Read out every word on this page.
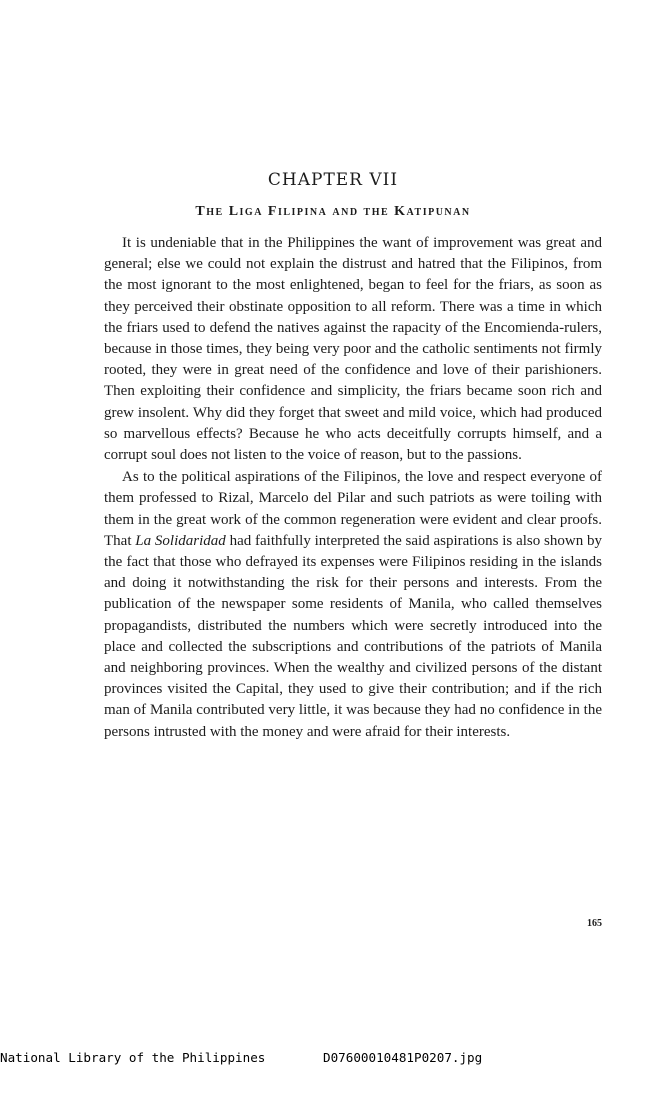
CHAPTER VII
The Liga Filipina and the Katipunan

It is undeniable that in the Philippines the want of improvement was great and general; else we could not explain the distrust and hatred that the Filipinos, from the most ignorant to the most enlightened, began to feel for the friars, as soon as they perceived their obstinate opposition to all reform. There was a time in which the friars used to defend the natives against the rapacity of the Encomienda-rulers, because in those times, they being very poor and the catholic sentiments not firmly rooted, they were in great need of the confidence and love of their parishioners. Then exploiting their confidence and simplicity, the friars became soon rich and grew insolent. Why did they forget that sweet and mild voice, which had produced so marvellous effects? Because he who acts deceitfully corrupts himself, and a corrupt soul does not listen to the voice of reason, but to the passions.

As to the political aspirations of the Filipinos, the love and respect everyone of them professed to Rizal, Marcelo del Pilar and such patriots as were toiling with them in the great work of the common regeneration were evident and clear proofs. That La Solidaridad had faithfully interpreted the said aspirations is also shown by the fact that those who defrayed its expenses were Filipinos residing in the islands and doing it notwithstanding the risk for their persons and interests. From the publication of the newspaper some residents of Manila, who called themselves propagandists, distributed the numbers which were secretly introduced into the place and collected the subscriptions and contributions of the patriots of Manila and neighboring provinces. When the wealthy and civilized persons of the distant provinces visited the Capital, they used to give their contribution; and if the rich man of Manila contributed very little, it was because they had no confidence in the persons intrusted with the money and were afraid for their interests.

165

National Library of the Philippines

	D07600010481P0207.jpg
